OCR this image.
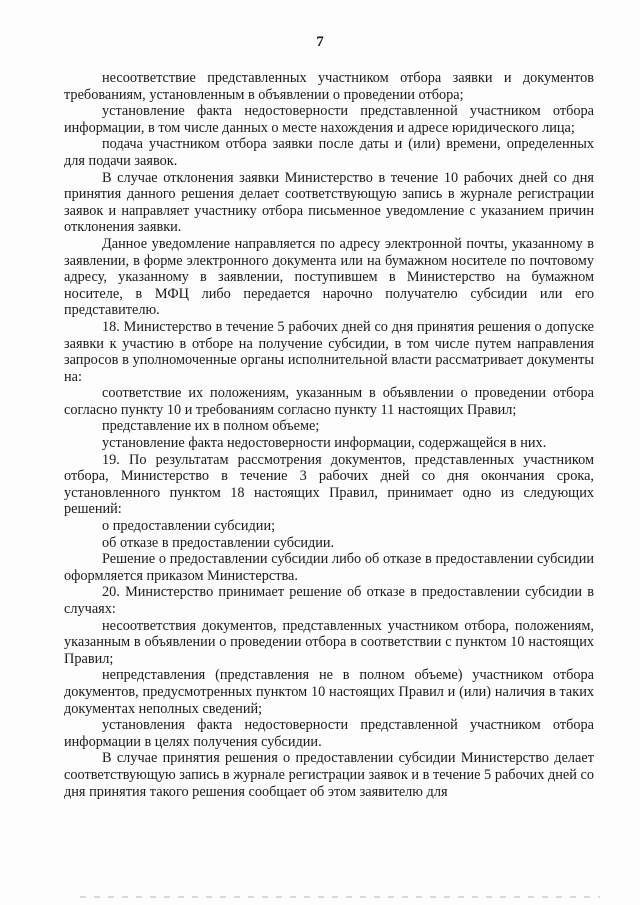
7

несоответствие представленных участником отбора заявки и документов требованиям, установленным в объявлении о проведении отбора;

установление факта недостоверности представленной участником отбора информации, в том числе данных о месте нахождения и адресе юридического лица;

подача участником отбора заявки после даты и (или) времени, определенных для подачи заявок.

В случае отклонения заявки Министерство в течение 10 рабочих дней со дня принятия данного решения делает соответствующую запись в журнале регистрации заявок и направляет участнику отбора письменное уведомление с указанием причин отклонения заявки.

Данное уведомление направляется по адресу электронной почты, указанному в заявлении, в форме электронного документа или на бумажном носителе по почтовому адресу, указанному в заявлении, поступившем в Министерство на бумажном носителе, в МФЦ либо передается нарочно получателю субсидии или его представителю.

18. Министерство в течение 5 рабочих дней со дня принятия решения о допуске заявки к участию в отборе на получение субсидии, в том числе путем направления запросов в уполномоченные органы исполнительной власти рассматривает документы на:

соответствие их положениям, указанным в объявлении о проведении отбора согласно пункту 10 и требованиям согласно пункту 11 настоящих Правил;

представление их в полном объеме;

установление факта недостоверности информации, содержащейся в них.

19. По результатам рассмотрения документов, представленных участником отбора, Министерство в течение 3 рабочих дней со дня окончания срока, установленного пунктом 18 настоящих Правил, принимает одно из следующих решений:

о предоставлении субсидии;

об отказе в предоставлении субсидии.

Решение о предоставлении субсидии либо об отказе в предоставлении субсидии оформляется приказом Министерства.

20. Министерство принимает решение об отказе в предоставлении субсидии в случаях:

несоответствия документов, представленных участником отбора, положениям, указанным в объявлении о проведении отбора в соответствии с пунктом 10 настоящих Правил;

непредставления (представления не в полном объеме) участником отбора документов, предусмотренных пунктом 10 настоящих Правил и (или) наличия в таких документах неполных сведений;

установления факта недостоверности представленной участником отбора информации в целях получения субсидии.

В случае принятия решения о предоставлении субсидии Министерство делает соответствующую запись в журнале регистрации заявок и в течение 5 рабочих дней со дня принятия такого решения сообщает об этом заявителю для
